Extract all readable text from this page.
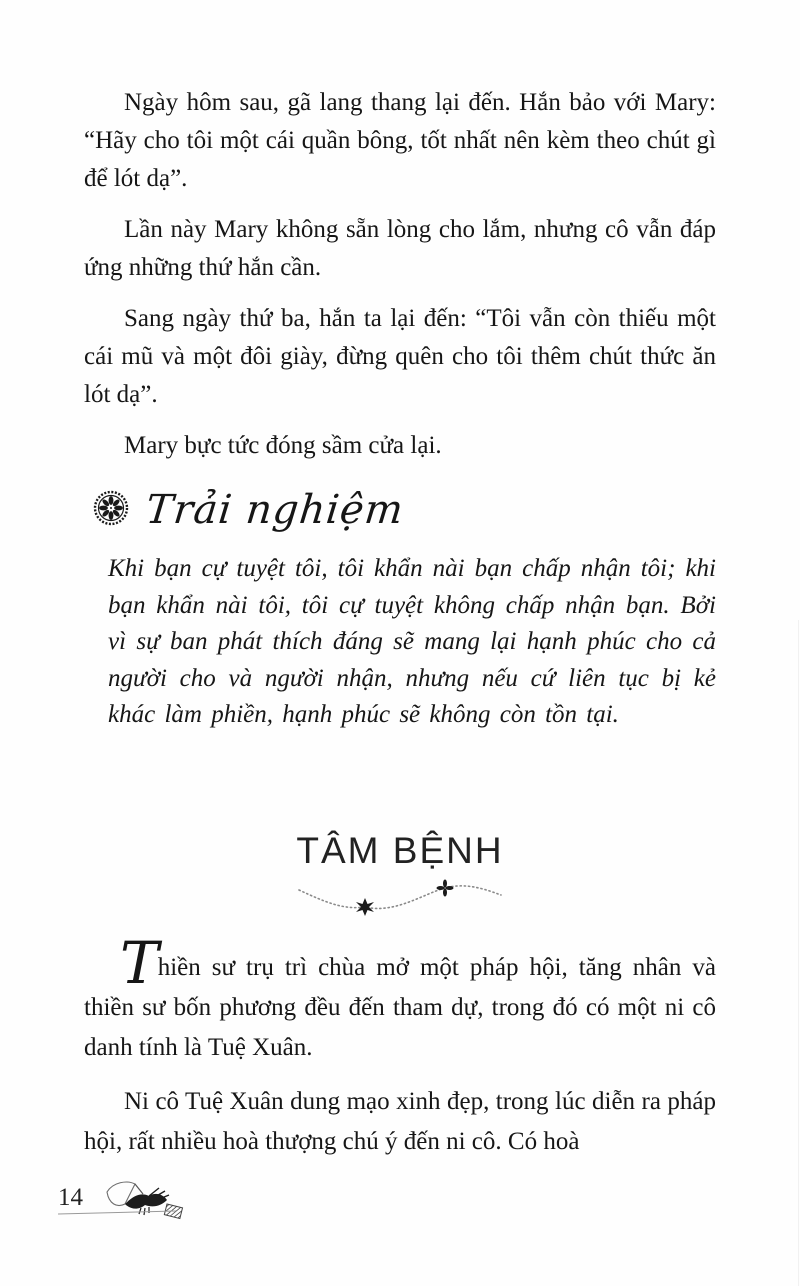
Ngày hôm sau, gã lang thang lại đến. Hắn bảo với Mary: “Hãy cho tôi một cái quần bông, tốt nhất nên kèm theo chút gì để lót dạ”.

Lần này Mary không sẵn lòng cho lắm, nhưng cô vẫn đáp ứng những thứ hắn cần.

Sang ngày thứ ba, hắn ta lại đến: “Tôi vẫn còn thiếu một cái mũ và một đôi giày, đừng quên cho tôi thêm chút thức ăn lót dạ”.

Mary bực tức đóng sầm cửa lại.

Trải nghiệm

Khi bạn cự tuyệt tôi, tôi khẩn nài bạn chấp nhận tôi; khi bạn khẩn nài tôi, tôi cự tuyệt không chấp nhận bạn. Bởi vì sự ban phát thích đáng sẽ mang lại hạnh phúc cho cả người cho và người nhận, nhưng nếu cứ liên tục bị kẻ khác làm phiền, hạnh phúc sẽ không còn tồn tại.

TÂM BỆNH

Thiền sư trụ trì chùa mở một pháp hội, tăng nhân và thiền sư bốn phương đều đến tham dự, trong đó có một ni cô danh tính là Tuệ Xuân.

Ni cô Tuệ Xuân dung mạo xinh đẹp, trong lúc diễn ra pháp hội, rất nhiều hoà thượng chú ý đến ni cô. Có hoà

14
